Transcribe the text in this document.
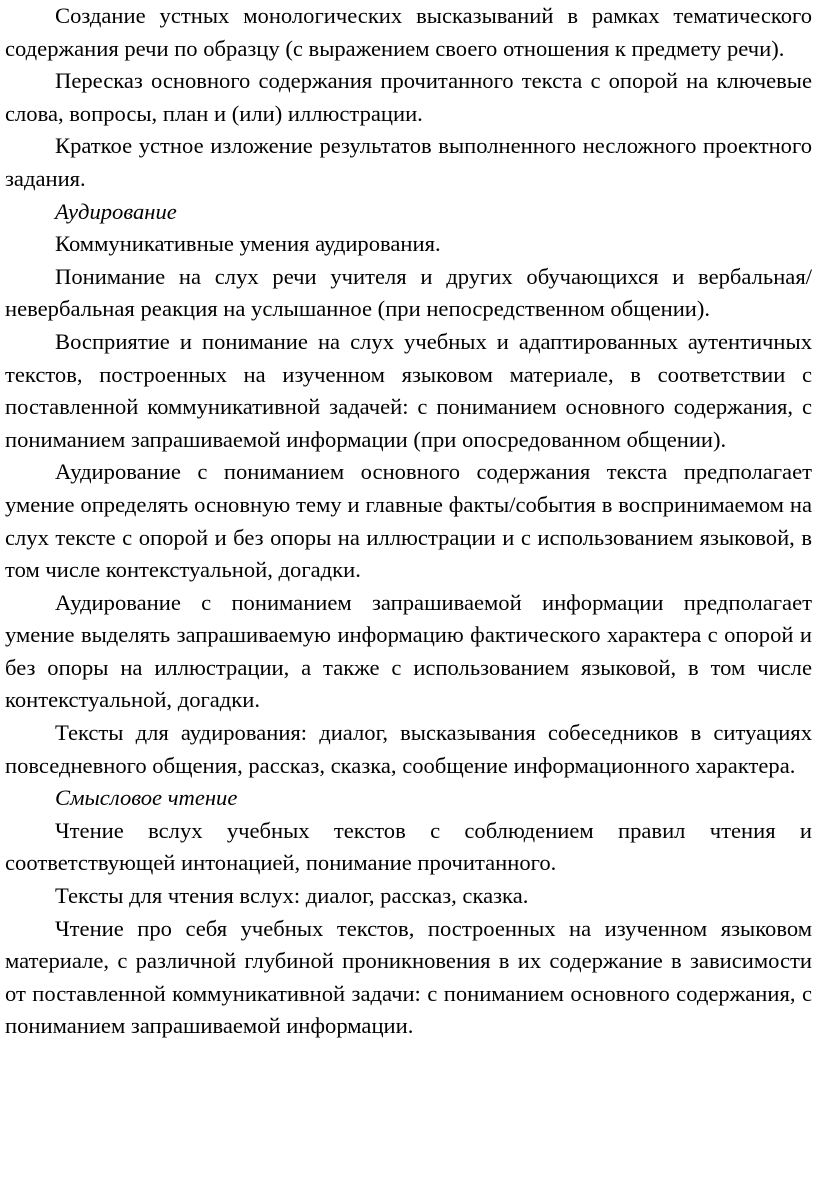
Создание устных монологических высказываний в рамках тематического содержания речи по образцу (с выражением своего отношения к предмету речи).

Пересказ основного содержания прочитанного текста с опорой на ключевые слова, вопросы, план и (или) иллюстрации.

Краткое устное изложение результатов выполненного несложного проектного задания.

Аудирование

Коммуникативные умения аудирования.

Понимание на слух речи учителя и других обучающихся и вербальная/невербальная реакция на услышанное (при непосредственном общении).

Восприятие и понимание на слух учебных и адаптированных аутентичных текстов, построенных на изученном языковом материале, в соответствии с поставленной коммуникативной задачей: с пониманием основного содержания, с пониманием запрашиваемой информации (при опосредованном общении).

Аудирование с пониманием основного содержания текста предполагает умение определять основную тему и главные факты/события в воспринимаемом на слух тексте с опорой и без опоры на иллюстрации и с использованием языковой, в том числе контекстуальной, догадки.

Аудирование с пониманием запрашиваемой информации предполагает умение выделять запрашиваемую информацию фактического характера с опорой и без опоры на иллюстрации, а также с использованием языковой, в том числе контекстуальной, догадки.

Тексты для аудирования: диалог, высказывания собеседников в ситуациях повседневного общения, рассказ, сказка, сообщение информационного характера.

Смысловое чтение

Чтение вслух учебных текстов с соблюдением правил чтения и соответствующей интонацией, понимание прочитанного.

Тексты для чтения вслух: диалог, рассказ, сказка.

Чтение про себя учебных текстов, построенных на изученном языковом материале, с различной глубиной проникновения в их содержание в зависимости от поставленной коммуникативной задачи: с пониманием основного содержания, с пониманием запрашиваемой информации.
